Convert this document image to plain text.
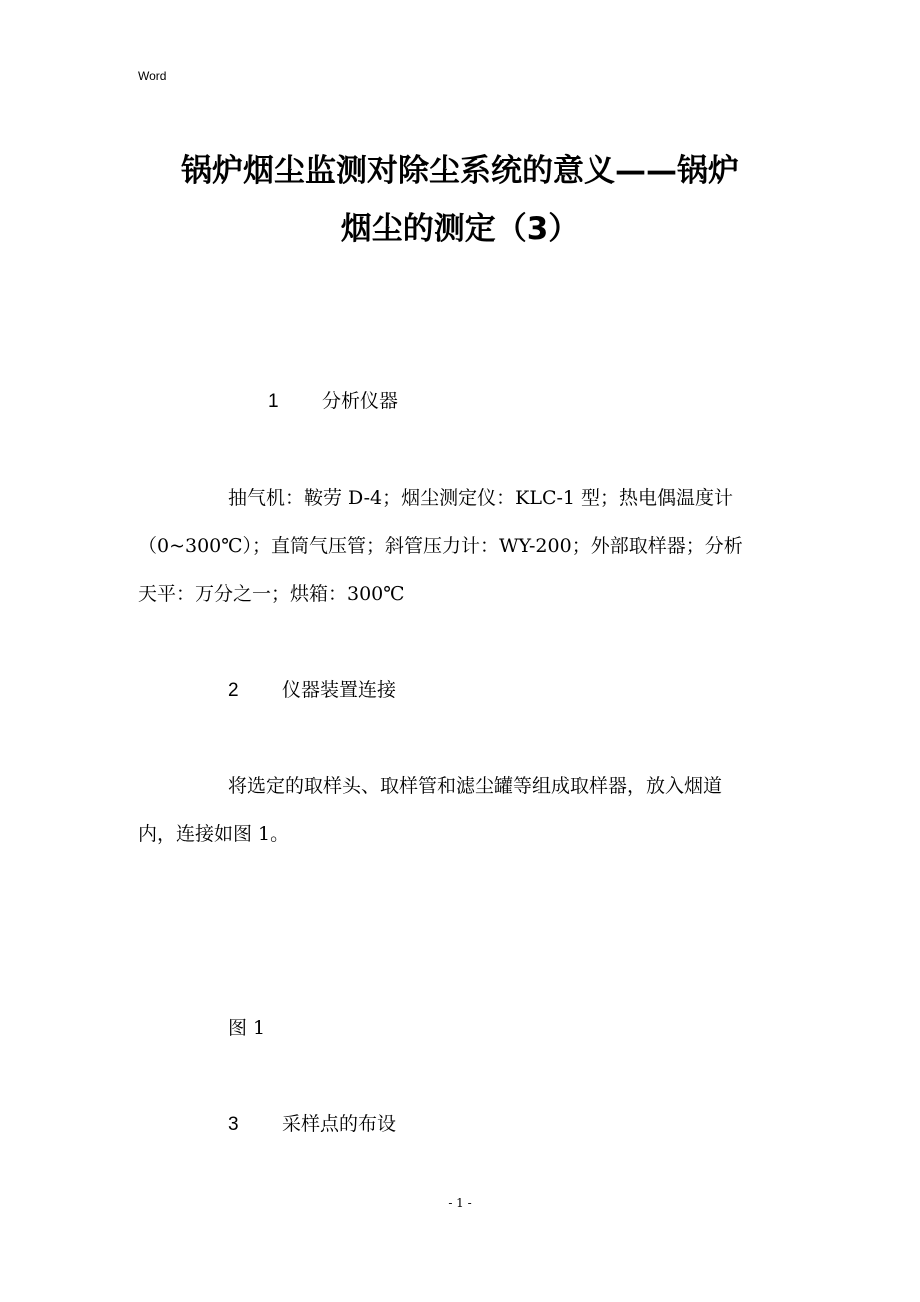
Word
锅炉烟尘监测对除尘系统的意义——锅炉
烟尘的测定（3）
1 分析仪器

抽气机：鞍劳 D-4；烟尘测定仪：KLC-1 型；热电偶温度计
（0~300℃）；直筒气压管；斜管压力计：WY-200；外部取样器；分析
天平：万分之一；烘箱：300℃

2 仪器装置连接

将选定的取样头、取样管和滤尘罐等组成取样器，放入烟道
内，连接如图 1。

图 1
3 采样点的布设
- 1 -
